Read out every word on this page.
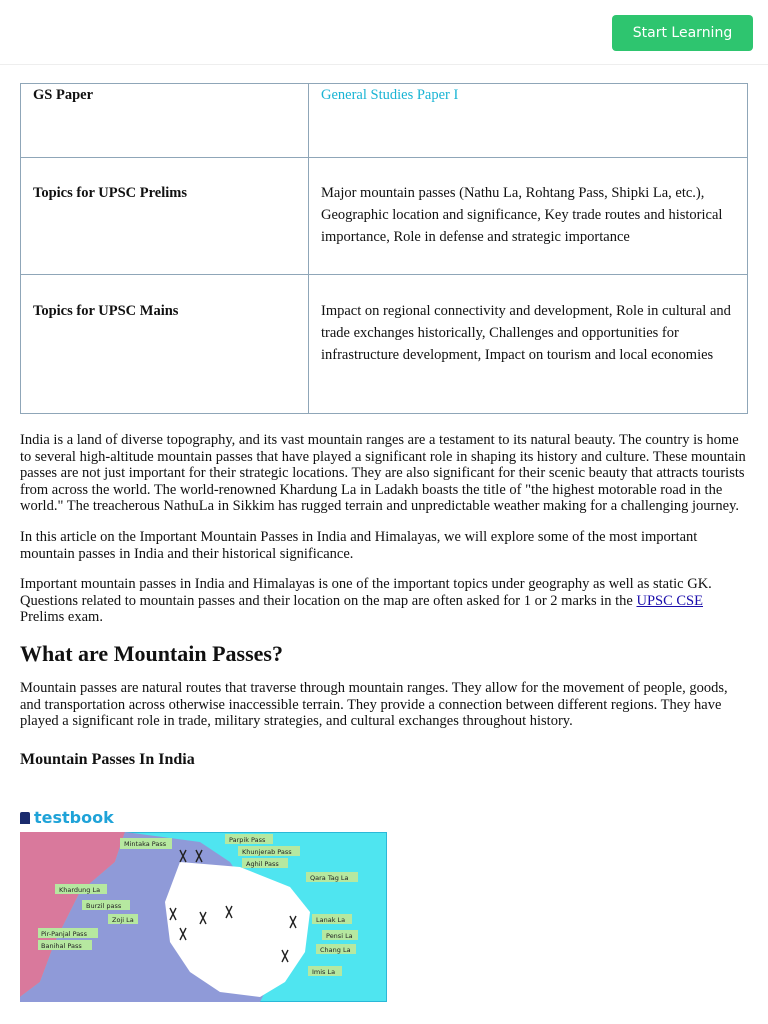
Start Learning
GS Paper	General Studies Paper I
Topics for UPSC Prelims	Major mountain passes (Nathu La, Rohtang Pass, Shipki La, etc.), Geographic location and significance, Key trade routes and historical importance, Role in defense and strategic importance
Topics for UPSC Mains	Impact on regional connectivity and development, Role in cultural and trade exchanges historically, Challenges and opportunities for infrastructure development, Impact on tourism and local economies

India is a land of diverse topography, and its vast mountain ranges are a testament to its natural beauty. The country is home to several high-altitude mountain passes that have played a significant role in shaping its history and culture. These mountain passes are not just important for their strategic locations. They are also significant for their scenic beauty that attracts tourists from across the world. The world-renowned Khardung La in Ladakh boasts the title of "the highest motorable road in the world." The treacherous NathuLa in Sikkim has rugged terrain and unpredictable weather making for a challenging journey.

In this article on the Important Mountain Passes in India and Himalayas, we will explore some of the most important mountain passes in India and their historical significance.

Important mountain passes in India and Himalayas is one of the important topics under geography as well as static GK. Questions related to mountain passes and their location on the map are often asked for 1 or 2 marks in the UPSC CSE Prelims exam.

What are Mountain Passes?

Mountain passes are natural routes that traverse through mountain ranges. They allow for the movement of people, goods, and transportation across otherwise inaccessible terrain. They provide a connection between different regions. They have played a significant role in trade, military strategies, and cultural exchanges throughout history.

Mountain Passes In India
testbook
Mintaka Pass	Parpik Pass
Khunjerab Pass
Aghil Pass
Qara Tag La
Khardung La
Burzil pass
Zoji La
Pir-Panjal Pass
Banihal Pass
Lanak La
Pensi La
Chang La
Imis La
